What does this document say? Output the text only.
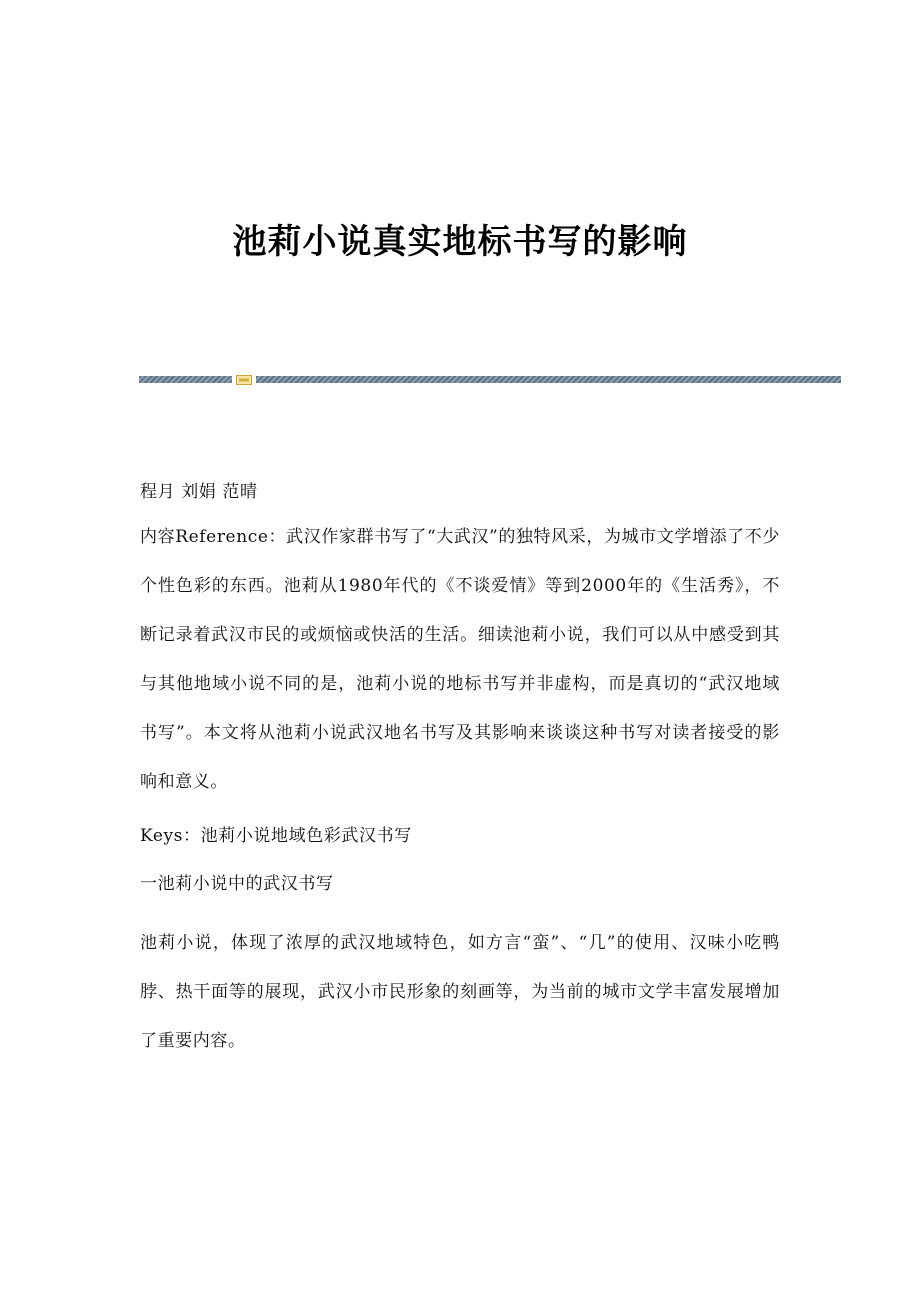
池莉小说真实地标书写的影响

程月 刘娟 范晴

内容Reference：武汉作家群书写了“大武汉”的独特风采，为城市文学增添了不少个性色彩的东西。池莉从1980年代的《不谈爱情》等到2000年的《生活秀》，不断记录着武汉市民的或烦恼或快活的生活。细读池莉小说，我们可以从中感受到其与其他地域小说不同的是，池莉小说的地标书写并非虚构，而是真切的“武汉地域书写”。本文将从池莉小说武汉地名书写及其影响来谈谈这种书写对读者接受的影响和意义。

Keys：池莉小说地域色彩武汉书写

一池莉小说中的武汉书写

池莉小说，体现了浓厚的武汉地域特色，如方言“蛮”、“几”的使用、汉味小吃鸭脖、热干面等的展现，武汉小市民形象的刻画等，为当前的城市文学丰富发展增加了重要内容。
